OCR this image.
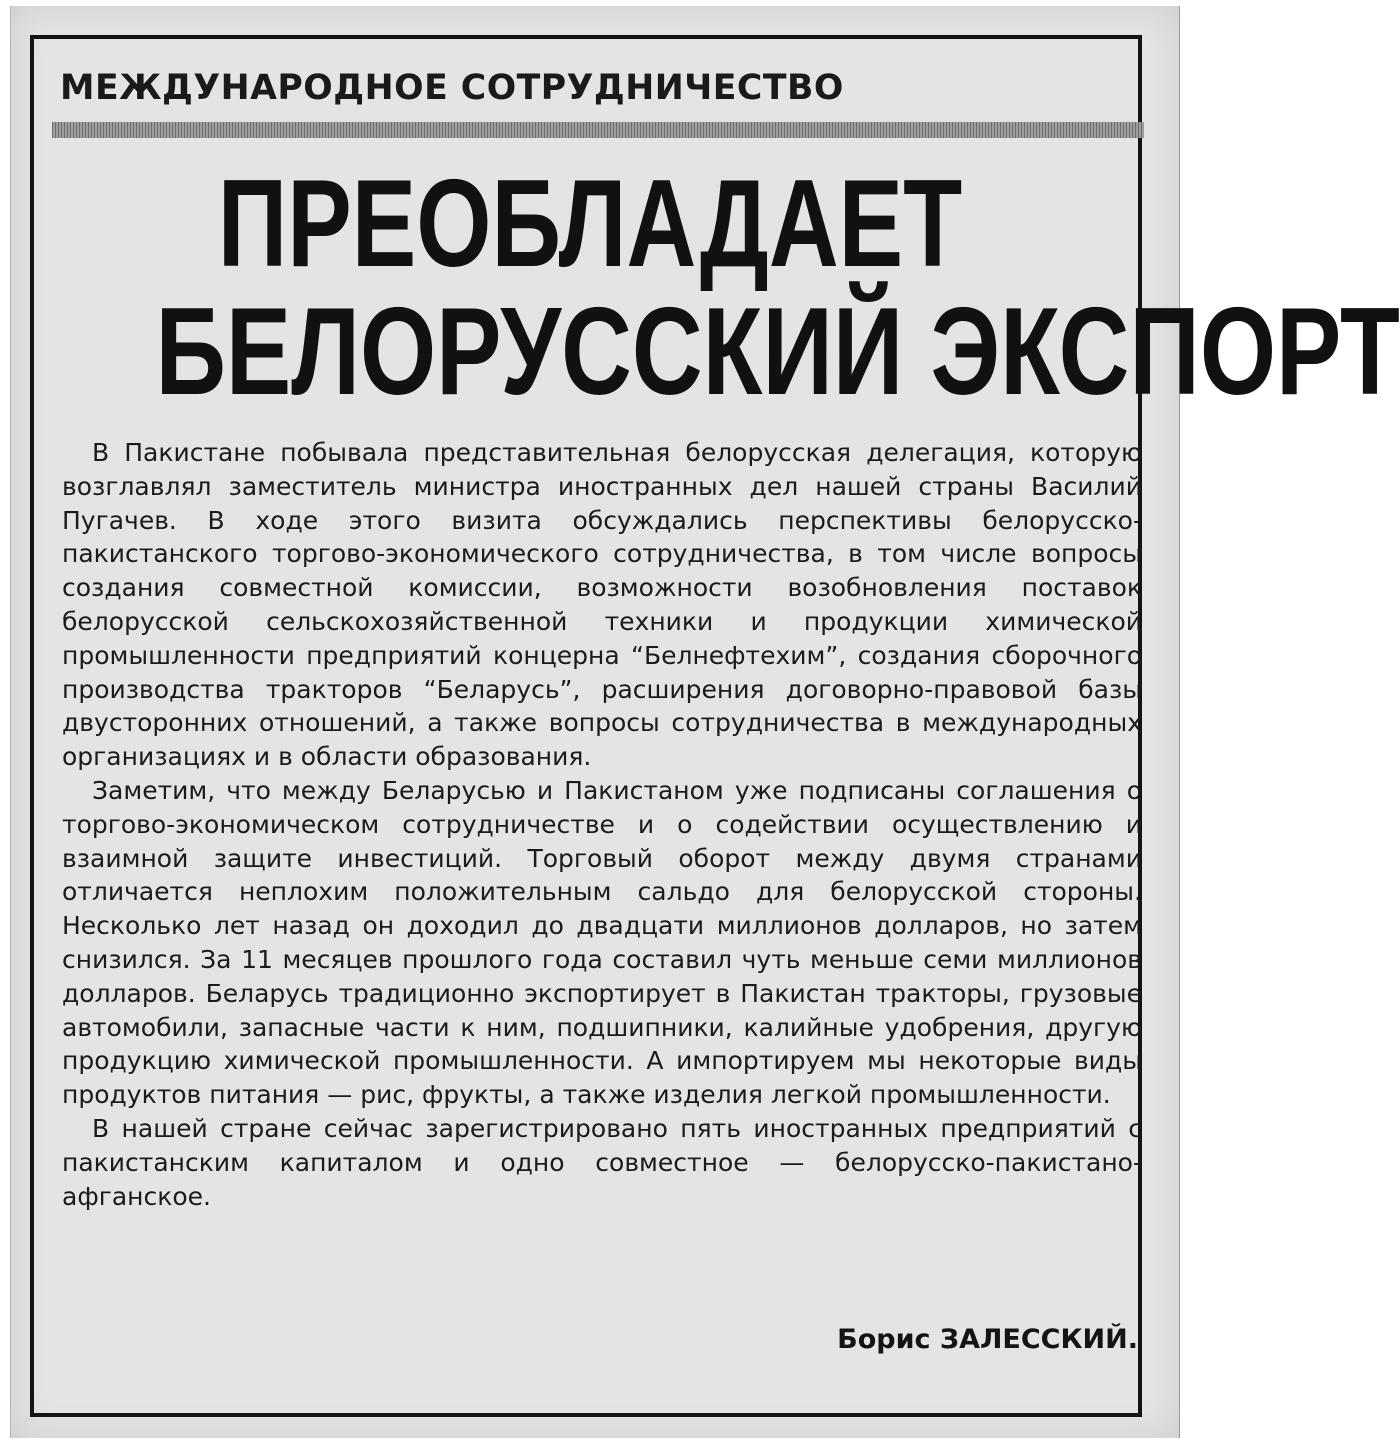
МЕЖДУНАРОДНОЕ СОТРУДНИЧЕСТВО
ПРЕОБЛАДАЕТ
БЕЛОРУССКИЙ ЭКСПОРТ

В Пакистане побывала представительная белорусская делегация, которую возглавлял заместитель министра иностранных дел нашей страны Василий Пугачев. В ходе этого визита обсуждались перспективы белорусско-пакистанского торгово-экономического сотрудничества, в том числе вопросы создания совместной комиссии, возможности возобновления поставок белорусской сельскохозяйственной техники и продукции химической промышленности предприятий концерна “Белнефтехим”, создания сборочного производства тракторов “Беларусь”, расширения договорно-правовой базы двусторонних отношений, а также вопросы сотрудничества в международных организациях и в области образования.

Заметим, что между Беларусью и Пакистаном уже подписаны соглашения о торгово-экономическом сотрудничестве и о содействии осуществлению и взаимной защите инвестиций. Торговый оборот между двумя странами отличается неплохим положительным сальдо для белорусской стороны. Несколько лет назад он доходил до двадцати миллионов долларов, но затем снизился. За 11 месяцев прошлого года составил чуть меньше семи миллионов долларов. Беларусь традиционно экспортирует в Пакистан тракторы, грузовые автомобили, запасные части к ним, подшипники, калийные удобрения, другую продукцию химической промышленности. А импортируем мы некоторые виды продуктов питания — рис, фрукты, а также изделия легкой промышленности.

В нашей стране сейчас зарегистрировано пять иностранных предприятий с пакистанским капиталом и одно совместное — белорусско-пакистано-афганское.

Борис ЗАЛЕССКИЙ.
